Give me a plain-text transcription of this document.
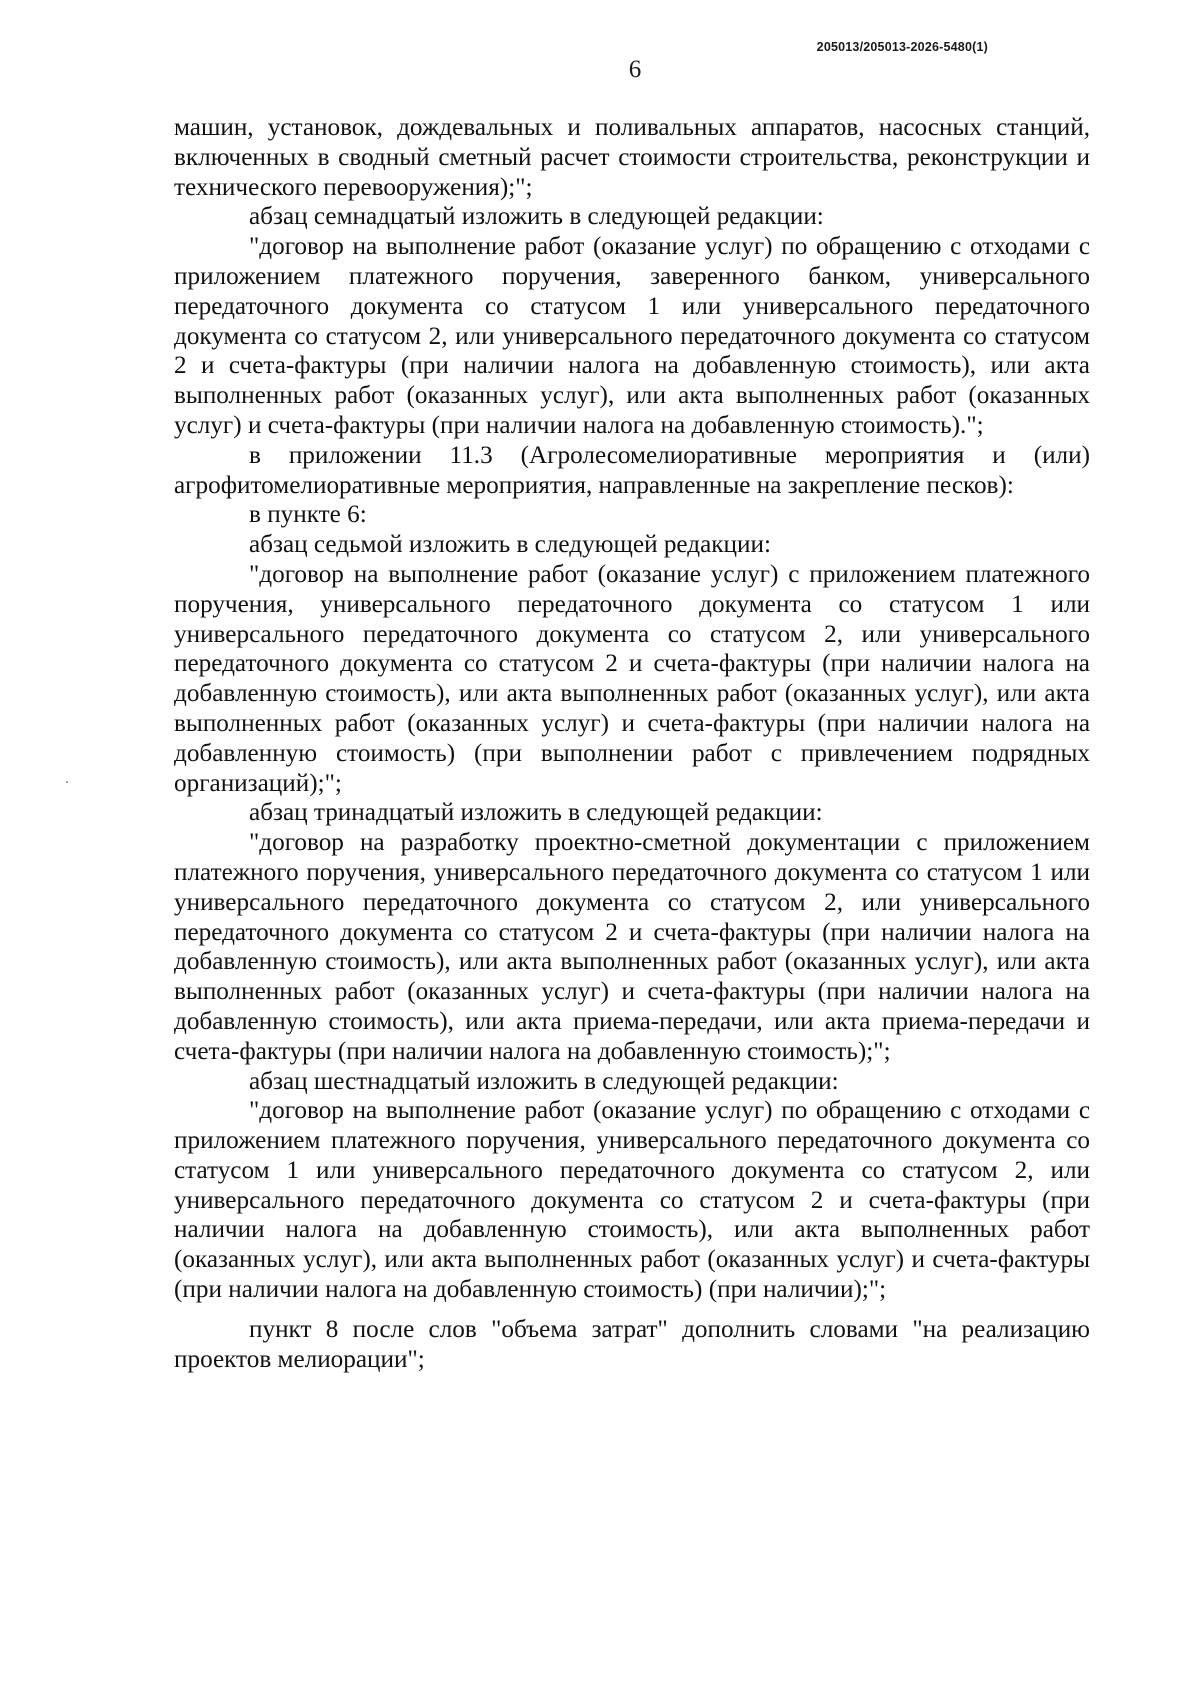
205013/205013-2026-5480(1)
6

машин, установок, дождевальных и поливальных аппаратов, насосных станций, включенных в сводный сметный расчет стоимости строительства, реконструкции и технического перевооружения);";

абзац семнадцатый изложить в следующей редакции:

"договор на выполнение работ (оказание услуг) по обращению с отходами с приложением платежного поручения, заверенного банком, универсального передаточного документа со статусом 1 или универсального передаточного документа со статусом 2, или универсального передаточного документа со статусом 2 и счета-фактуры (при наличии налога на добавленную стоимость), или акта выполненных работ (оказанных услуг), или акта выполненных работ (оказанных услуг) и счета-фактуры (при наличии налога на добавленную стоимость).";

в приложении 11.3 (Агролесомелиоративные мероприятия и (или) агрофитомелиоративные мероприятия, направленные на закрепление песков):

в пункте 6:

абзац седьмой изложить в следующей редакции:

"договор на выполнение работ (оказание услуг) с приложением платежного поручения, универсального передаточного документа со статусом 1 или универсального передаточного документа со статусом 2, или универсального передаточного документа со статусом 2 и счета-фактуры (при наличии налога на добавленную стоимость), или акта выполненных работ (оказанных услуг), или акта выполненных работ (оказанных услуг) и счета-фактуры (при наличии налога на добавленную стоимость) (при выполнении работ с привлечением подрядных организаций);";

абзац тринадцатый изложить в следующей редакции:

"договор на разработку проектно-сметной документации с приложением платежного поручения, универсального передаточного документа со статусом 1 или универсального передаточного документа со статусом 2, или универсального передаточного документа со статусом 2 и счета-фактуры (при наличии налога на добавленную стоимость), или акта выполненных работ (оказанных услуг), или акта выполненных работ (оказанных услуг) и счета-фактуры (при наличии налога на добавленную стоимость), или акта приема-передачи, или акта приема-передачи и счета-фактуры (при наличии налога на добавленную стоимость);";

абзац шестнадцатый изложить в следующей редакции:

"договор на выполнение работ (оказание услуг) по обращению с отходами с приложением платежного поручения, универсального передаточного документа со статусом 1 или универсального передаточного документа со статусом 2, или универсального передаточного документа со статусом 2 и счета-фактуры (при наличии налога на добавленную стоимость), или акта выполненных работ (оказанных услуг), или акта выполненных работ (оказанных услуг) и счета-фактуры (при наличии налога на добавленную стоимость) (при наличии);";

пункт 8 после слов "объема затрат" дополнить словами "на реализацию проектов мелиорации";
